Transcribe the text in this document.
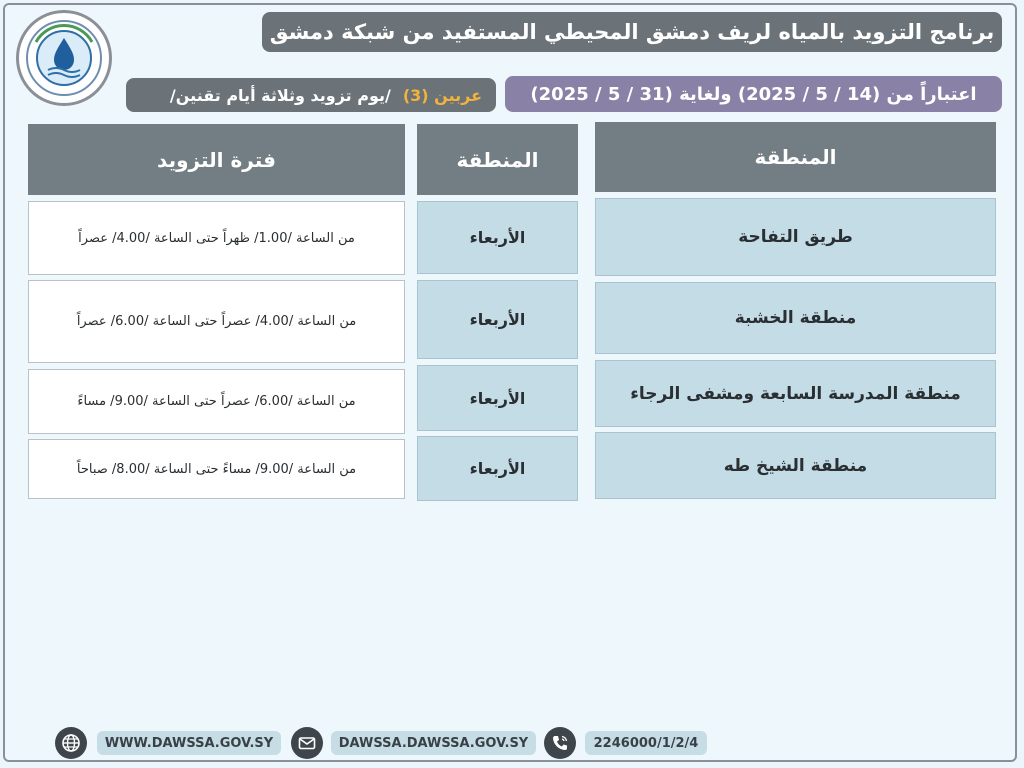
برنامج التزويد بالمياه لريف دمشق المحيطي المستفيد من شبكة دمشق
اعتباراً من (14 / 5 / 2025) ولغاية (31 / 5 / 2025)
عربين (3)
/يوم تزويد وثلاثة أيام تقنين/
المنطقة
المنطقة
فترة التزويد
طريق التفاحة
الأربعاء
من الساعة /1.00/ ظهراً حتى الساعة /4.00/ عصراً
منطقة الخشبة
الأربعاء
من الساعة /4.00/ عصراً حتى الساعة /6.00/ عصراً
منطقة المدرسة السابعة ومشفى الرجاء
الأربعاء
من الساعة /6.00/ عصراً حتى الساعة /9.00/ مساءً
منطقة الشيخ طه
الأربعاء
من الساعة /9.00/ مساءً حتى الساعة /8.00/ صباحاً
WWW.DAWSSA.GOV.SY	DAWSSA.DAWSSA.GOV.SY	2246000/1/2/4
